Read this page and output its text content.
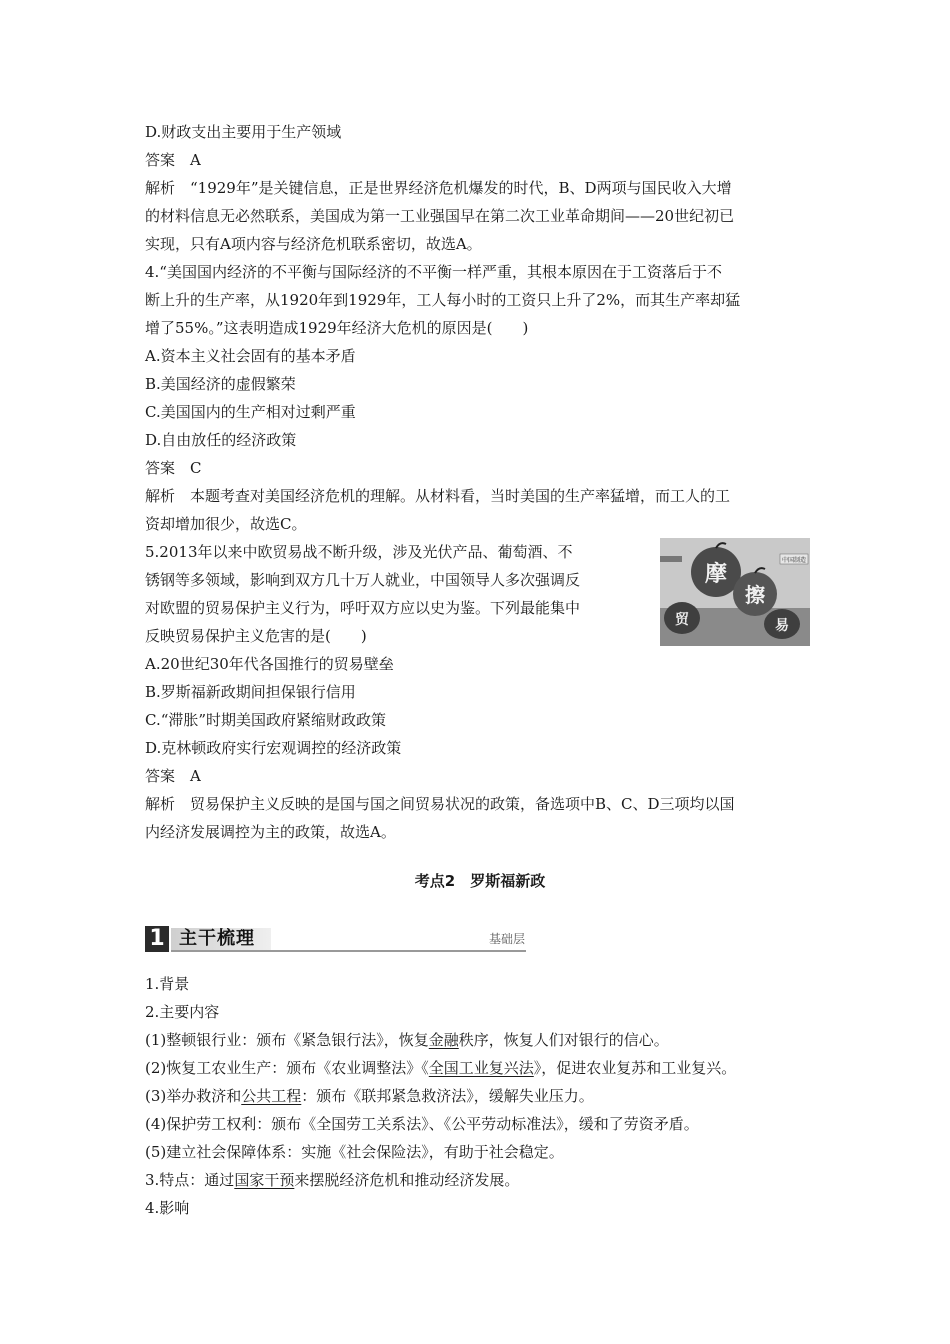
D.财政支出主要用于生产领域
答案　A
解析　“1929年”是关键信息，正是世界经济危机爆发的时代，B、D两项与国民收入大增
的材料信息无必然联系，美国成为第一工业强国早在第二次工业革命期间——20世纪初已
实现，只有A项内容与经济危机联系密切，故选A。
4.“美国国内经济的不平衡与国际经济的不平衡一样严重，其根本原因在于工资落后于不
断上升的生产率，从1920年到1929年，工人每小时的工资只上升了2%，而其生产率却猛
增了55%。”这表明造成1929年经济大危机的原因是(　　)
A.资本主义社会固有的基本矛盾
B.美国经济的虚假繁荣
C.美国国内的生产相对过剩严重
D.自由放任的经济政策
答案　C
解析　本题考查对美国经济危机的理解。从材料看，当时美国的生产率猛增，而工人的工
资却增加很少，故选C。
5.2013年以来中欧贸易战不断升级，涉及光伏产品、葡萄酒、不
锈钢等多领域，影响到双方几十万人就业，中国领导人多次强调反
对欧盟的贸易保护主义行为，呼吁双方应以史为鉴。下列最能集中
反映贸易保护主义危害的是(　　)
A.20世纪30年代各国推行的贸易壁垒
B.罗斯福新政期间担保银行信用
C.“滞胀”时期美国政府紧缩财政政策
D.克林顿政府实行宏观调控的经济政策
答案　A
解析　贸易保护主义反映的是国与国之间贸易状况的政策，备选项中B、C、D三项均以国
内经济发展调控为主的政策，故选A。
中国制造
摩
擦
贸	易
考点2　罗斯福新政
1 主干梳理	基础层
1.背景
2.主要内容
(1)整顿银行业：颁布《紧急银行法》，恢复金融秩序，恢复人们对银行的信心。
(2)恢复工农业生产：颁布《农业调整法》《全国工业复兴法》，促进农业复苏和工业复兴。
(3)举办救济和公共工程：颁布《联邦紧急救济法》，缓解失业压力。
(4)保护劳工权利：颁布《全国劳工关系法》、《公平劳动标准法》，缓和了劳资矛盾。
(5)建立社会保障体系：实施《社会保险法》，有助于社会稳定。
3.特点：通过国家干预来摆脱经济危机和推动经济发展。
4.影响
